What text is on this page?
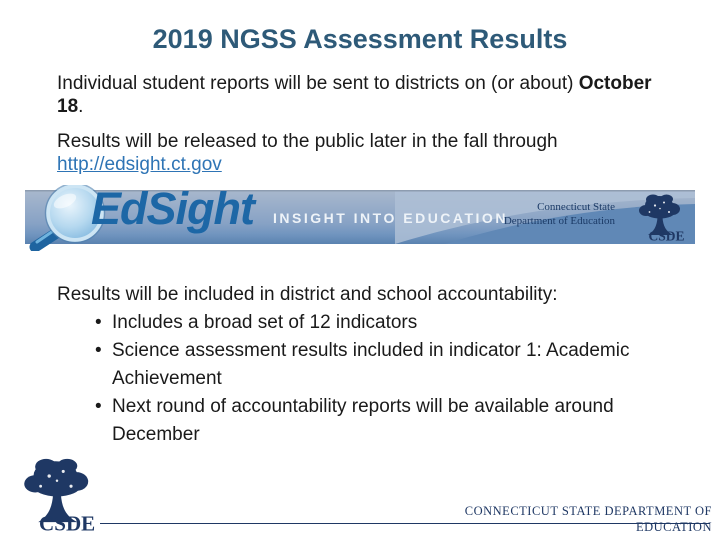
2019 NGSS Assessment Results

Individual student reports will be sent to districts on (or about) October 18.

Results will be released to the public later in the fall through
http://edsight.ct.gov

EdSight INSIGHT INTO EDUCATION
Connecticut State
Department of Education

Results will be included in district and school accountability:

• Includes a broad set of 12 indicators
• Science assessment results included in indicator 1: Academic Achievement
• Next round of accountability reports will be available around December
CONNECTICUT STATE DEPARTMENT OF
EDUCATION
